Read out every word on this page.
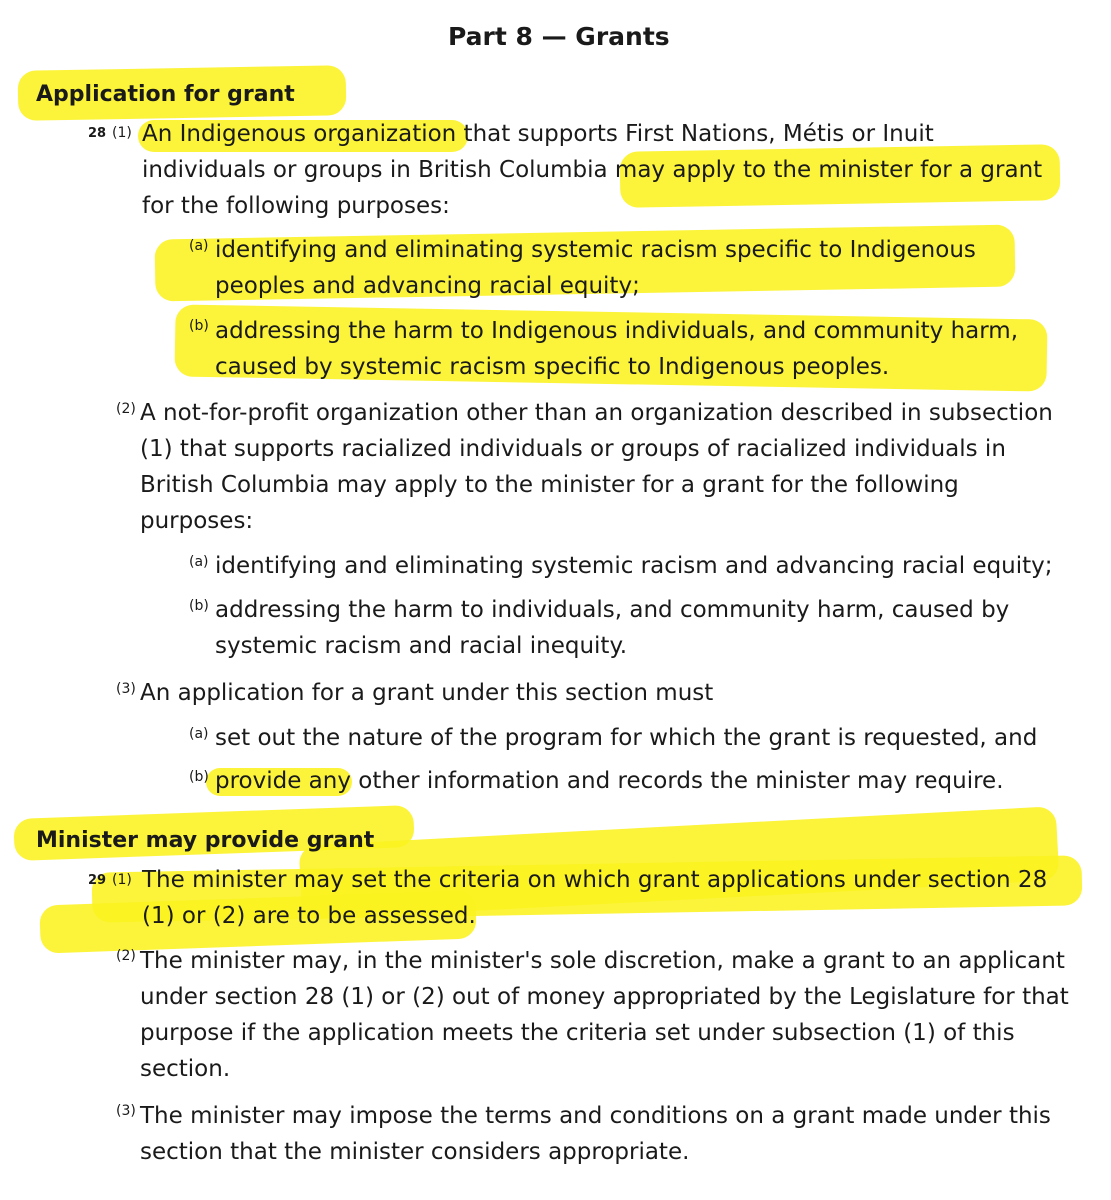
Part 8 — Grants
Application for grant
28 (1) An Indigenous organization that supports First Nations, Métis or Inuit
individuals or groups in British Columbia may apply to the minister for a grant
for the following purposes:
(a) identifying and eliminating systemic racism specific to Indigenous
peoples and advancing racial equity;
(b) addressing the harm to Indigenous individuals, and community harm,
caused by systemic racism specific to Indigenous peoples.
(2) A not-for-profit organization other than an organization described in subsection
(1) that supports racialized individuals or groups of racialized individuals in
British Columbia may apply to the minister for a grant for the following
purposes:
(a) identifying and eliminating systemic racism and advancing racial equity;
(b) addressing the harm to individuals, and community harm, caused by
systemic racism and racial inequity.
(3) An application for a grant under this section must
(a) set out the nature of the program for which the grant is requested, and
(b) provide any other information and records the minister may require.
Minister may provide grant
29 (1) The minister may set the criteria on which grant applications under section 28
(1) or (2) are to be assessed.
(2) The minister may, in the minister's sole discretion, make a grant to an applicant
under section 28 (1) or (2) out of money appropriated by the Legislature for that
purpose if the application meets the criteria set under subsection (1) of this
section.
(3) The minister may impose the terms and conditions on a grant made under this
section that the minister considers appropriate.
